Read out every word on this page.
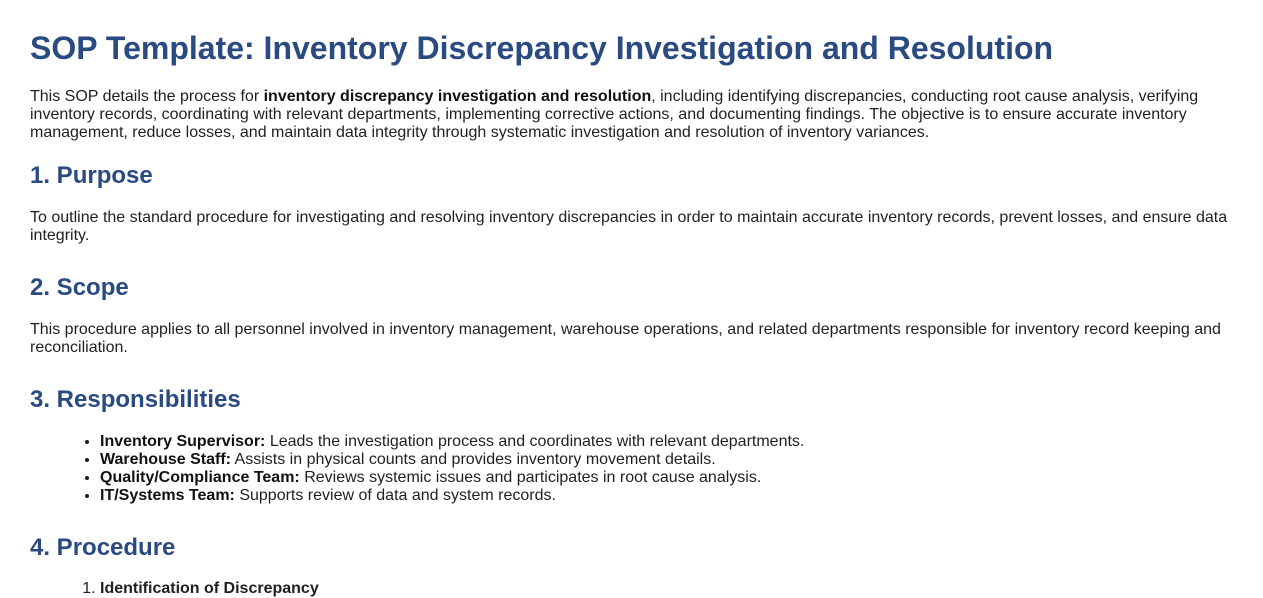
SOP Template: Inventory Discrepancy Investigation and Resolution

This SOP details the process for inventory discrepancy investigation and resolution, including identifying discrepancies, conducting root cause analysis, verifying inventory records, coordinating with relevant departments, implementing corrective actions, and documenting findings. The objective is to ensure accurate inventory management, reduce losses, and maintain data integrity through systematic investigation and resolution of inventory variances.

1. Purpose

To outline the standard procedure for investigating and resolving inventory discrepancies in order to maintain accurate inventory records, prevent losses, and ensure data integrity.

2. Scope

This procedure applies to all personnel involved in inventory management, warehouse operations, and related departments responsible for inventory record keeping and reconciliation.

3. Responsibilities
• Inventory Supervisor: Leads the investigation process and coordinates with relevant departments.
• Warehouse Staff: Assists in physical counts and provides inventory movement details.
• Quality/Compliance Team: Reviews systemic issues and participates in root cause analysis.
• IT/Systems Team: Supports review of data and system records.
4. Procedure
1. Identification of Discrepancy
